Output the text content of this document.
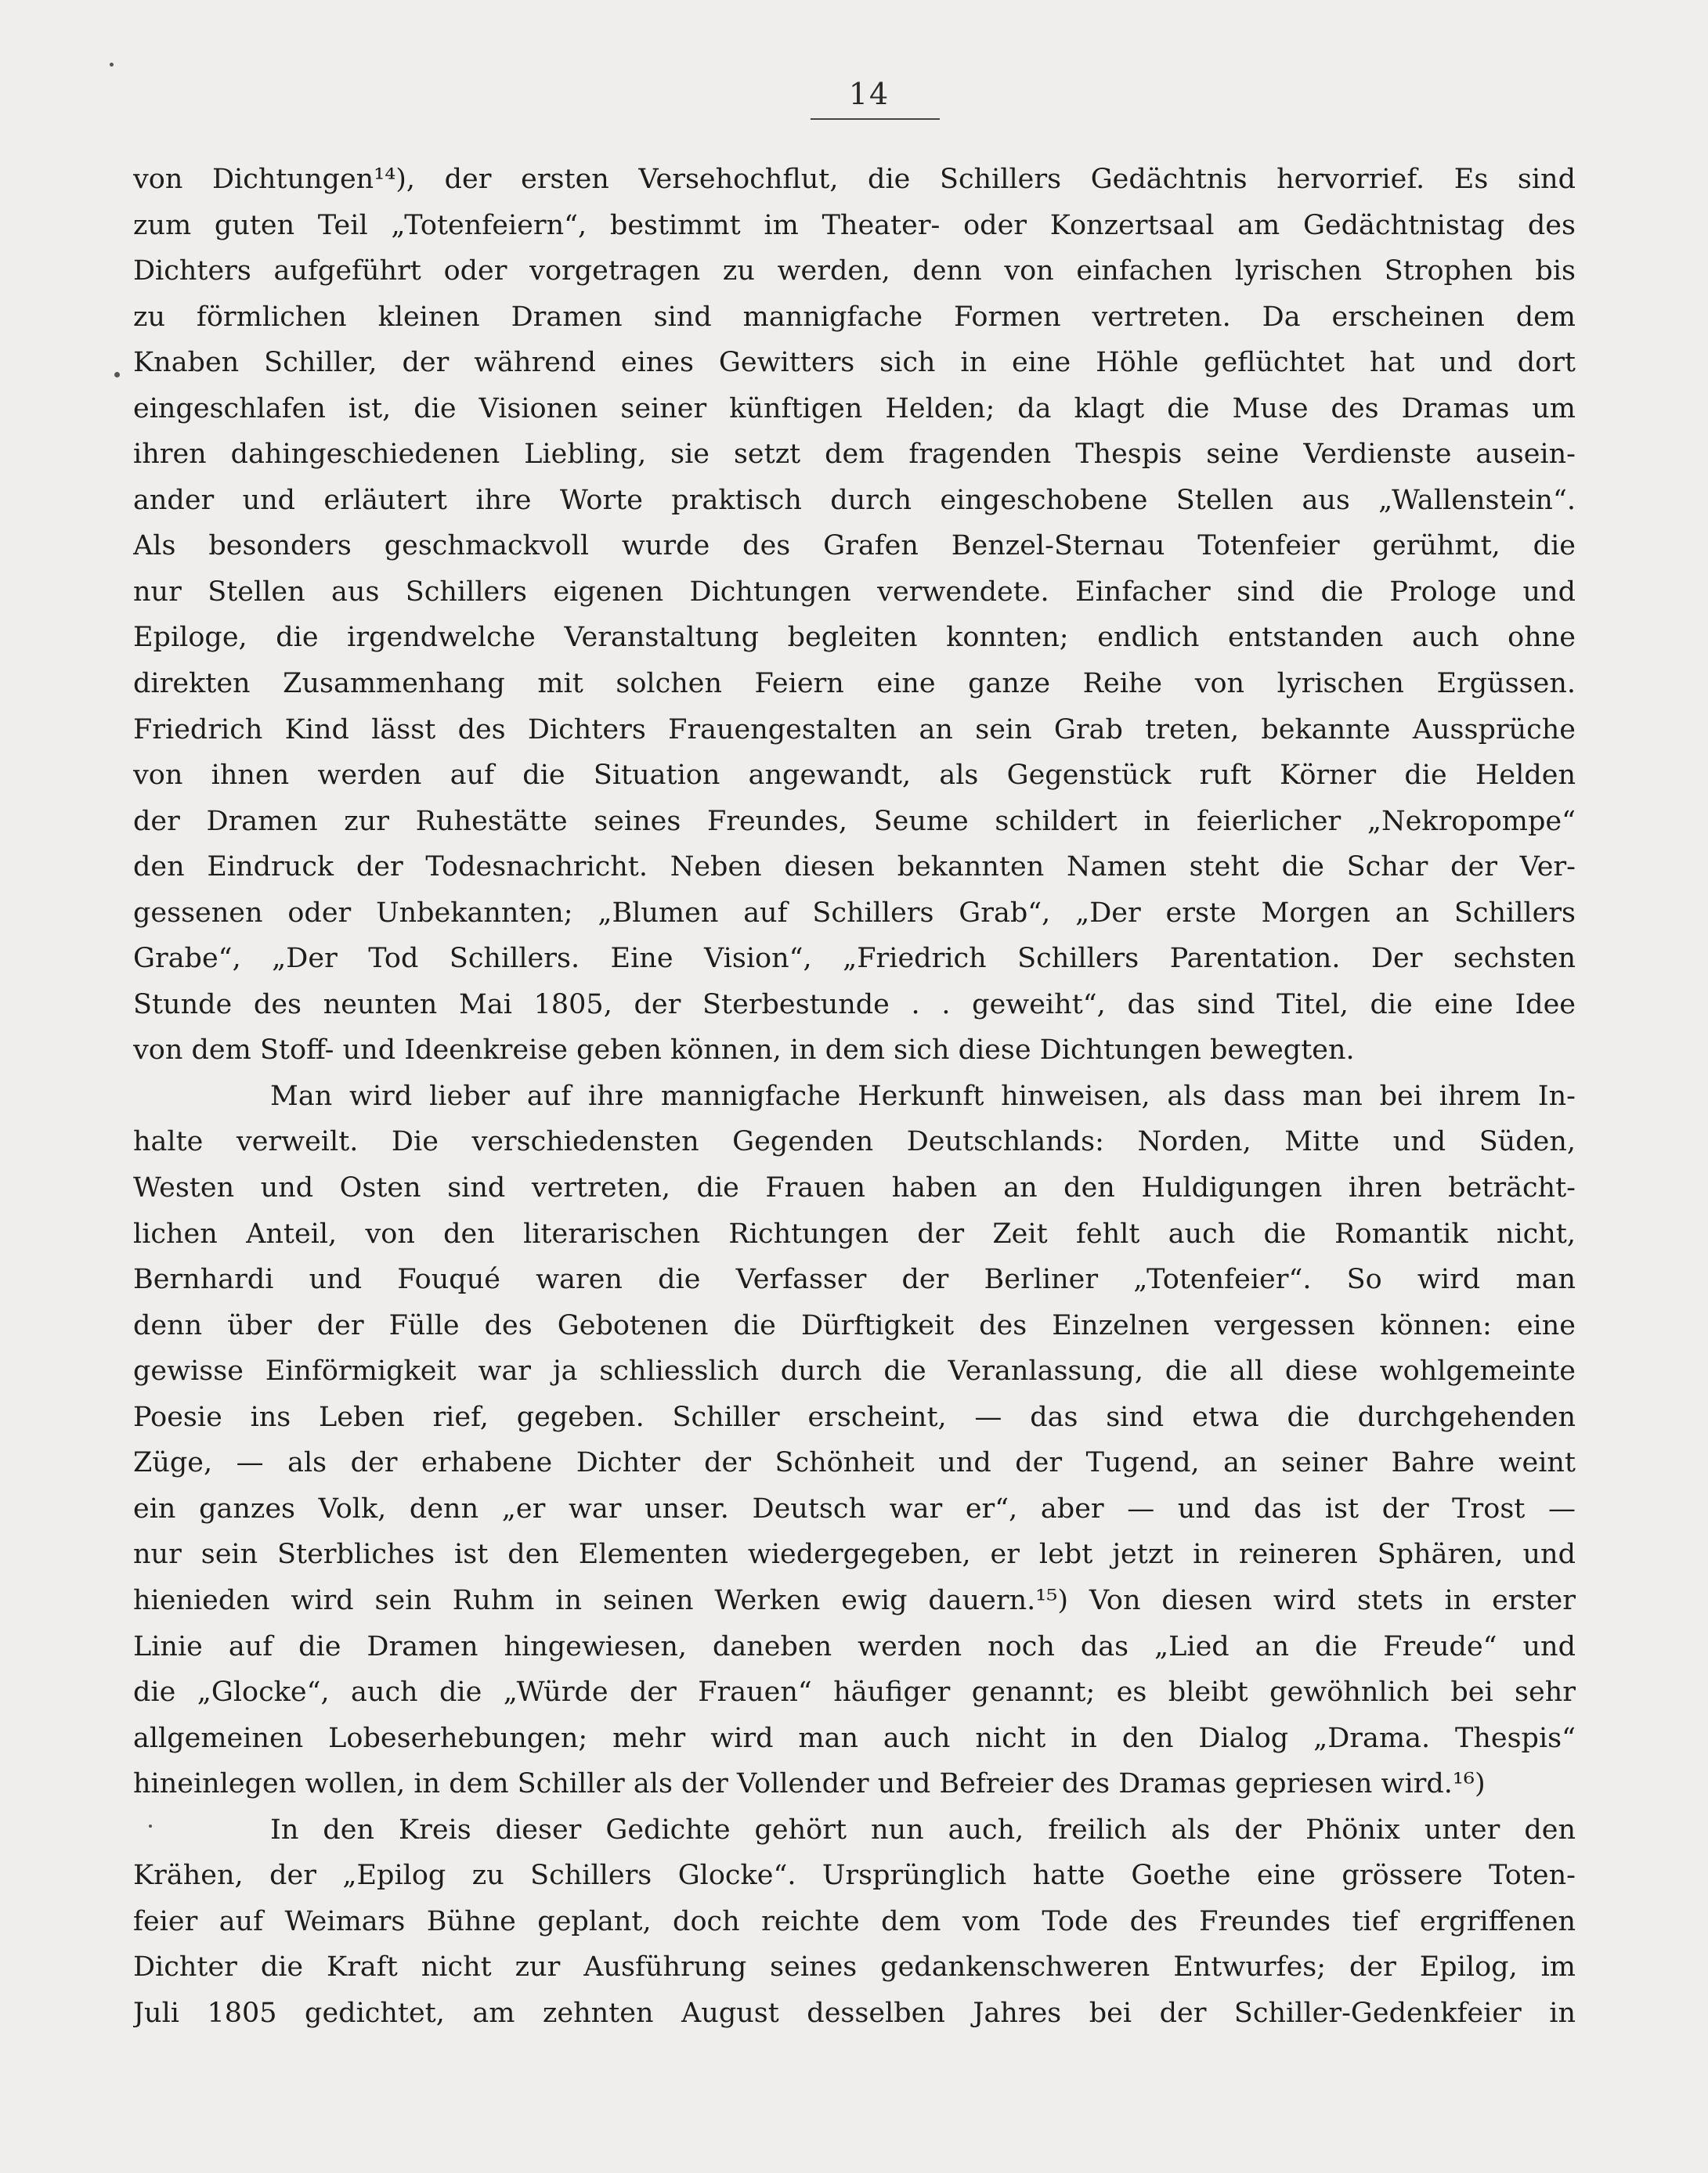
14
von Dichtungen¹⁴), der ersten Versehochflut, die Schillers Gedächtnis hervorrief. Es sind
zum guten Teil „Totenfeiern“, bestimmt im Theater- oder Konzertsaal am Gedächtnistag des
Dichters aufgeführt oder vorgetragen zu werden, denn von einfachen lyrischen Strophen bis
zu förmlichen kleinen Dramen sind mannigfache Formen vertreten. Da erscheinen dem
Knaben Schiller, der während eines Gewitters sich in eine Höhle geflüchtet hat und dort
eingeschlafen ist, die Visionen seiner künftigen Helden; da klagt die Muse des Dramas um
ihren dahingeschiedenen Liebling, sie setzt dem fragenden Thespis seine Verdienste ausein-
ander und erläutert ihre Worte praktisch durch eingeschobene Stellen aus „Wallenstein“.
Als besonders geschmackvoll wurde des Grafen Benzel-Sternau Totenfeier gerühmt, die
nur Stellen aus Schillers eigenen Dichtungen verwendete. Einfacher sind die Prologe und
Epiloge, die irgendwelche Veranstaltung begleiten konnten; endlich entstanden auch ohne
direkten Zusammenhang mit solchen Feiern eine ganze Reihe von lyrischen Ergüssen.
Friedrich Kind lässt des Dichters Frauengestalten an sein Grab treten, bekannte Aussprüche
von ihnen werden auf die Situation angewandt, als Gegenstück ruft Körner die Helden
der Dramen zur Ruhestätte seines Freundes, Seume schildert in feierlicher „Nekropompe“
den Eindruck der Todesnachricht. Neben diesen bekannten Namen steht die Schar der Ver-
gessenen oder Unbekannten; „Blumen auf Schillers Grab“, „Der erste Morgen an Schillers
Grabe“, „Der Tod Schillers. Eine Vision“, „Friedrich Schillers Parentation. Der sechsten
Stunde des neunten Mai 1805, der Sterbestunde . . geweiht“, das sind Titel, die eine Idee
von dem Stoff- und Ideenkreise geben können, in dem sich diese Dichtungen bewegten.
Man wird lieber auf ihre mannigfache Herkunft hinweisen, als dass man bei ihrem In-
halte verweilt. Die verschiedensten Gegenden Deutschlands: Norden, Mitte und Süden,
Westen und Osten sind vertreten, die Frauen haben an den Huldigungen ihren beträcht-
lichen Anteil, von den literarischen Richtungen der Zeit fehlt auch die Romantik nicht,
Bernhardi und Fouqué waren die Verfasser der Berliner „Totenfeier“. So wird man
denn über der Fülle des Gebotenen die Dürftigkeit des Einzelnen vergessen können: eine
gewisse Einförmigkeit war ja schliesslich durch die Veranlassung, die all diese wohlgemeinte
Poesie ins Leben rief, gegeben. Schiller erscheint, — das sind etwa die durchgehenden
Züge, — als der erhabene Dichter der Schönheit und der Tugend, an seiner Bahre weint
ein ganzes Volk, denn „er war unser. Deutsch war er“, aber — und das ist der Trost —
nur sein Sterbliches ist den Elementen wiedergegeben, er lebt jetzt in reineren Sphären, und
hienieden wird sein Ruhm in seinen Werken ewig dauern.¹⁵) Von diesen wird stets in erster
Linie auf die Dramen hingewiesen, daneben werden noch das „Lied an die Freude“ und
die „Glocke“, auch die „Würde der Frauen“ häufiger genannt; es bleibt gewöhnlich bei sehr
allgemeinen Lobeserhebungen; mehr wird man auch nicht in den Dialog „Drama. Thespis“
hineinlegen wollen, in dem Schiller als der Vollender und Befreier des Dramas gepriesen wird.¹⁶)
In den Kreis dieser Gedichte gehört nun auch, freilich als der Phönix unter den
Krähen, der „Epilog zu Schillers Glocke“. Ursprünglich hatte Goethe eine grössere Toten-
feier auf Weimars Bühne geplant, doch reichte dem vom Tode des Freundes tief ergriffenen
Dichter die Kraft nicht zur Ausführung seines gedankenschweren Entwurfes; der Epilog, im
Juli 1805 gedichtet, am zehnten August desselben Jahres bei der Schiller-Gedenkfeier in
